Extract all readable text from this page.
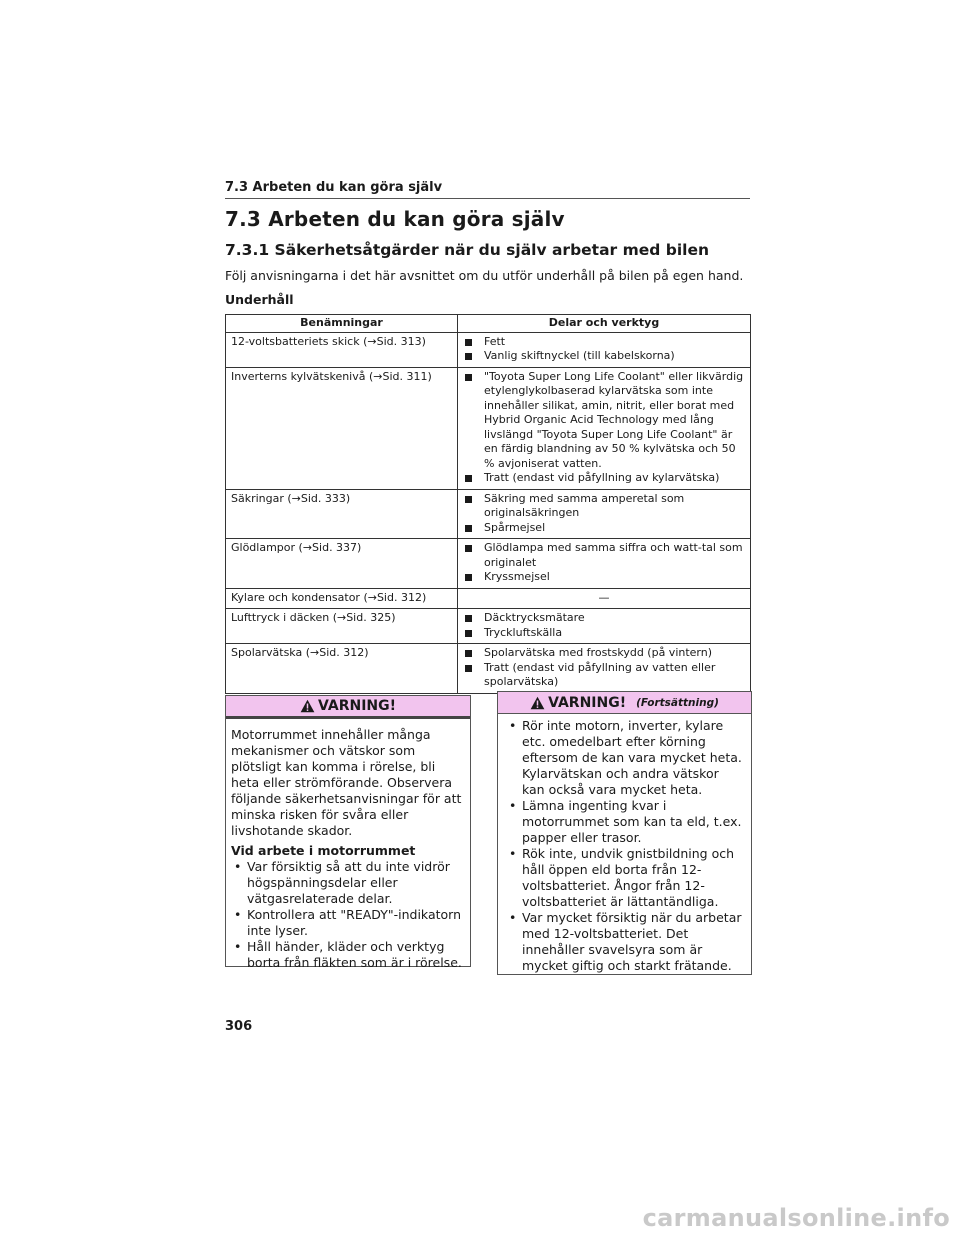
7.3 Arbeten du kan göra själv
7.3 Arbeten du kan göra själv
7.3.1 Säkerhetsåtgärder när du själv arbetar med bilen
Följ anvisningarna i det här avsnittet om du utför underhåll på bilen på egen hand.
Underhåll
Benämningar	Delar och verktyg
12-voltsbatteriets skick (→Sid. 313)	Fett
Vanlig skiftnyckel (till kabelskorna)

Inverterns kylvätskenivå (→Sid. 311)	"Toyota Super Long Life Coolant" eller likvärdig etylenglykolbaserad kylarvätska som inte innehåller silikat, amin, nitrit, eller borat med Hybrid Organic Acid Technology med lång livslängd "Toyota Super Long Life Coolant" är en färdig blandning av 50 % kylvätska och 50 % avjoniserat vatten.
Tratt (endast vid påfyllning av kylarvätska)

Säkringar (→Sid. 333)	Säkring med samma amperetal som originalsäkringen
Spårmejsel

Glödlampor (→Sid. 337)	Glödlampa med samma siffra och watt-tal som originalet
Kryssmejsel

Kylare och kondensator (→Sid. 312)	—
Lufttryck i däcken (→Sid. 325)	Däcktrycksmätare
Tryckluftskälla

Spolarvätska (→Sid. 312)	Spolarvätska med frostskydd (på vintern)
Tratt (endast vid påfyllning av vatten eller spolarvätska)
VARNING!

Motorrummet innehåller många mekanismer och vätskor som plötsligt kan komma i rörelse, bli heta eller strömförande. Observera följande säkerhetsanvisningar för att minska risken för svåra eller livshotande skador.

Vid arbete i motorrummet

• Var försiktig så att du inte vidrör högspänningsdelar eller vätgasrelaterade delar.
• Kontrollera att "READY"-indikatorn inte lyser.
• Håll händer, kläder och verktyg borta från fläkten som är i rörelse.
VARNING! (Fortsättning)
• Rör inte motorn, inverter, kylare etc. omedelbart efter körning eftersom de kan vara mycket heta. Kylarvätskan och andra vätskor kan också vara mycket heta.
• Lämna ingenting kvar i motorrummet som kan ta eld, t.ex. papper eller trasor.
• Rök inte, undvik gnistbildning och håll öppen eld borta från 12-voltsbatteriet. Ångor från 12-voltsbatteriet är lättantändliga.
• Var mycket försiktig när du arbetar med 12-voltsbatteriet. Det innehåller svavelsyra som är mycket giftig och starkt frätande.
306
carmanualsonline.info
